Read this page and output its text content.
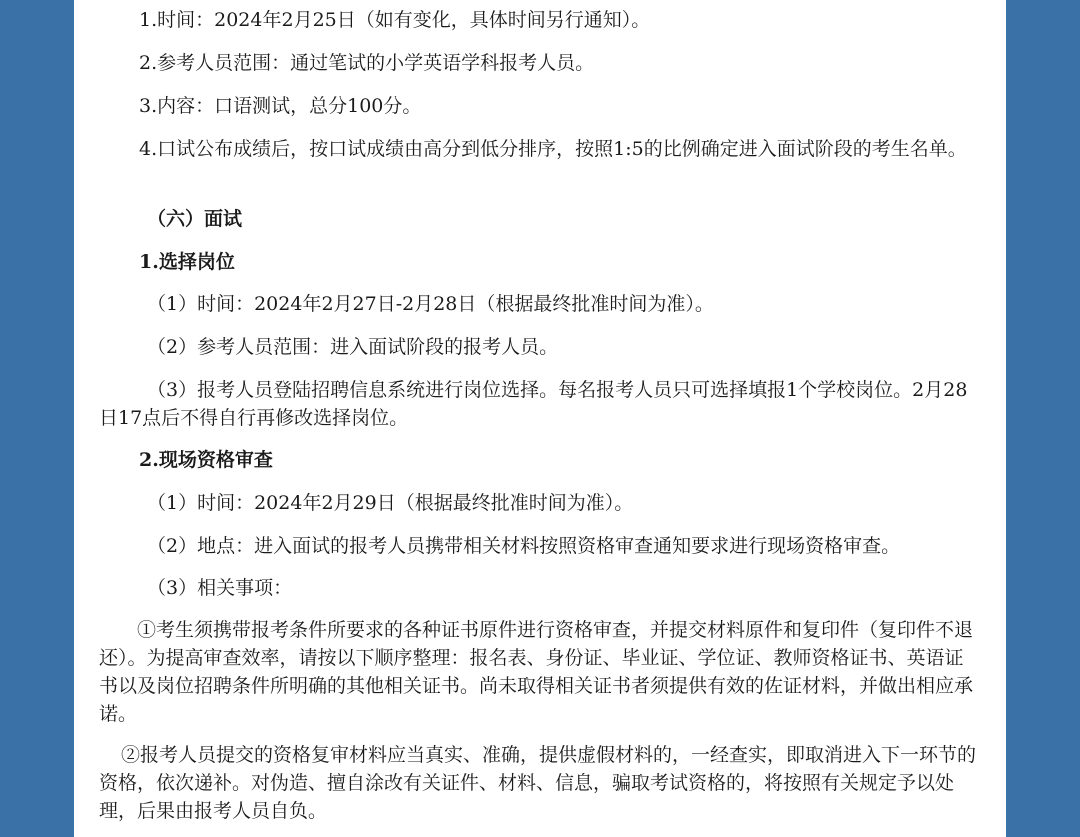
1.时间：2024年2月25日（如有变化，具体时间另行通知）。

2.参考人员范围：通过笔试的小学英语学科报考人员。

3.内容：口语测试，总分100分。

4.口试公布成绩后，按口试成绩由高分到低分排序，按照1:5的比例确定进入面试阶段的考生名单。

（六）面试

1.选择岗位

（1）时间：2024年2月27日-2月28日（根据最终批准时间为准）。

（2）参考人员范围：进入面试阶段的报考人员。

（3）报考人员登陆招聘信息系统进行岗位选择。每名报考人员只可选择填报1个学校岗位。2月28日17点后不得自行再修改选择岗位。

2.现场资格审查

（1）时间：2024年2月29日（根据最终批准时间为准）。

（2）地点：进入面试的报考人员携带相关材料按照资格审查通知要求进行现场资格审查。

（3）相关事项：

①考生须携带报考条件所要求的各种证书原件进行资格审查，并提交材料原件和复印件（复印件不退还）。为提高审查效率，请按以下顺序整理：报名表、身份证、毕业证、学位证、教师资格证书、英语证书以及岗位招聘条件所明确的其他相关证书。尚未取得相关证书者须提供有效的佐证材料，并做出相应承诺。

②报考人员提交的资格复审材料应当真实、准确，提供虚假材料的，一经查实，即取消进入下一环节的资格，依次递补。对伪造、擅自涂改有关证件、材料、信息，骗取考试资格的，将按照有关规定予以处理，后果由报考人员自负。
